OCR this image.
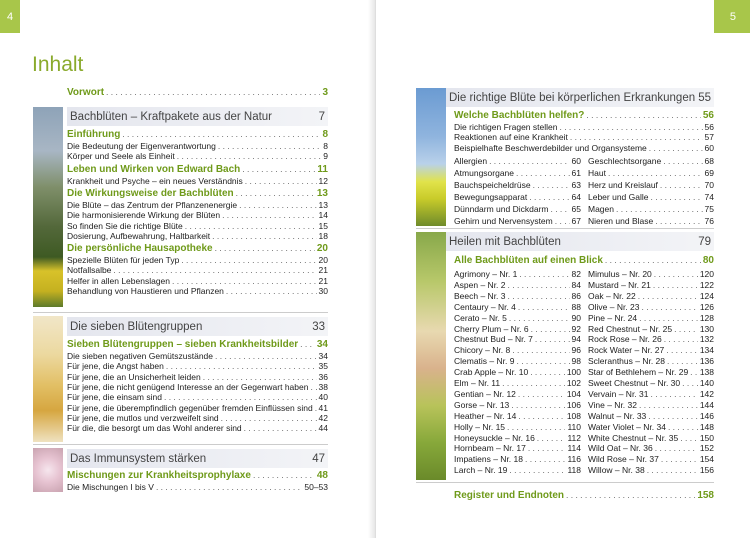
4
Inhalt
Vorwort . . .	3
Bachblüten – Kraftpakete aus der Natur	7
Einführung . . .	8
Die Bedeutung der Eigenverantwortung . . .	8
Körper und Seele als Einheit . . .	9
Leben und Wirken von Edward Bach . . .	11
Krankheit und Psyche – ein neues Verständnis . . .	12
Die Wirkungsweise der Bachblüten . . .	13
Die Blüte – das Zentrum der Pflanzenenergie . . .	13
Die harmonisierende Wirkung der Blüten . . .	14
So finden Sie die richtige Blüte . . .	15
Dosierung, Aufbewahrung, Haltbarkeit . . .	18
Die persönliche Hausapotheke . . .	20
Spezielle Blüten für jeden Typ . . .	20
Notfallsalbe . . .	21
Helfer in allen Lebenslagen . . .	21
Behandlung von Haustieren und Pflanzen . . .	30
Die sieben Blütengruppen	33
Sieben Blütengruppen – sieben Krankheitsbilder . . . 34
Die sieben negativen Gemütszustände . . .	34
Für jene, die Angst haben . . .	35
Für jene, die an Unsicherheit leiden . . .	36
Für jene, die nicht genügend Interesse an der Gegenwart haben . . . 38
Für jene, die einsam sind . . .	40
Für jene, die überempfindlich gegenüber fremden Einflüssen sind . . . 41
Für jene, die mutlos und verzweifelt sind . . .	42
Für die, die besorgt um das Wohl anderer sind . . .	44
Das Immunsystem stärken	47
Mischungen zur Krankheitsprophylaxe . . .	48
Die Mischungen I bis V . . .	50–53
5
Die richtige Blüte bei körperlichen Erkrankungen 55
Welche Bachblüten helfen? . . .	56
Die richtigen Fragen stellen . . .	56
Reaktionen auf eine Krankheit . . .	57
Beispielhafte Beschwerdebilder und Organsysteme . . .	60
Allergien . . .	60
Atmungsorgane . . .	61
Bauchspeicheldrüse . . .	63
Bewegungsapparat . . .	64
Dünndarm und Dickdarm . . .	65
Gehirn und Nervensystem . . . 67
Geschlechtsorgane . . .	68
Haut . . .	69
Herz und Kreislauf . . .	70
Leber und Galle . . .	74
Magen . . .	75
Nieren und Blase . . .	76
Heilen mit Bachblüten	79
Alle Bachblüten auf einen Blick . . .	80
Agrimony – Nr. 1 . . .	82
Aspen – Nr. 2 . . .	84
Beech – Nr. 3 . . .	86
Centaury – Nr. 4 . . .	88
Cerato – Nr. 5 . . .	90
Cherry Plum – Nr. 6 . . .	92
Chestnut Bud – Nr. 7 . . .	94
Chicory – Nr. 8 . . .	96
Clematis – Nr. 9 . . .	98
Crab Apple – Nr. 10 . . .	100
Elm – Nr. 11 . . .	102
Gentian – Nr. 12 . . .	104
Gorse – Nr. 13 . . .	106
Heather – Nr. 14 . . .	108
Holly – Nr. 15 . . .	110
Honeysuckle – Nr. 16 . . .	112
Hornbeam – Nr. 17 . . .	114
Impatiens – Nr. 18 . . .	116
Larch – Nr. 19 . . .	118
Mimulus – Nr. 20 . . .	120
Mustard – Nr. 21 . . .	122
Oak – Nr. 22 . . .	124
Olive – Nr. 23 . . .	126
Pine – Nr. 24 . . .	128
Red Chestnut – Nr. 25 . . .	130
Rock Rose – Nr. 26 . . .	132
Rock Water – Nr. 27 . . .	134
Scleranthus – Nr. 28 . . .	136
Star of Bethlehem – Nr. 29 . . . 138
Sweet Chestnut – Nr. 30 . . . 140
Vervain – Nr. 31 . . .	142
Vine – Nr. 32 . . .	144
Walnut – Nr. 33 . . .	146
Water Violet – Nr. 34 . . .	148
White Chestnut – Nr. 35 . . .	150
Wild Oat – Nr. 36 . . .	152
Wild Rose – Nr. 37 . . .	154
Willow – Nr. 38 . . .	156
Register und Endnoten . . .	158
